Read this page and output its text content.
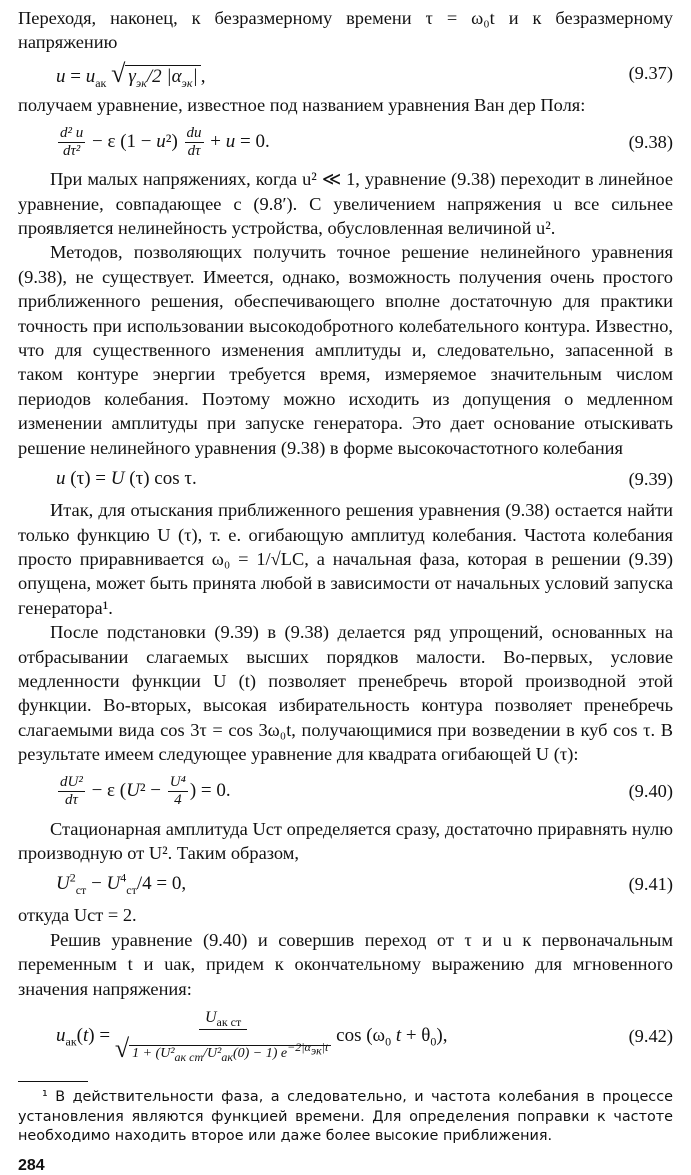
Переходя, наконец, к безразмерному времени τ = ω₀t и к безразмерному напряжению

$u = u_{ак}$ √ $\gamma_{эк}/2$ $|\alpha_{эк}|$ ,	(9.37)

получаем уравнение, известное под названием уравнения Ван дер Поля:

$\frac{\text{d² u}}{\text{dτ²}} - \varepsilon$ $(1 - u^2) \frac{du}{d\tau} + u = 0$.	(9.38)

При малых напряжениях, когда u² ≪ 1, уравнение (9.38) переходит в линейное уравнение, совпадающее с (9.8′). С увеличением напряжения u все сильнее проявляется нелинейность устройства, обусловленная величиной u².

Методов, позволяющих получить точное решение нелинейного уравнения (9.38), не существует. Имеется, однако, возможность получения очень простого приближенного решения, обеспечивающего вполне достаточную для практики точность при использовании высокодобротного колебательного контура. Известно, что для существенного изменения амплитуды и, следовательно, запасенной в таком контуре энергии требуется время, измеряемое значительным числом периодов колебания. Поэтому можно исходить из допущения о медленном изменении амплитуды при запуске генератора. Это дает основание отыскивать решение нелинейного уравнения (9.38) в форме высокочастотного колебания

u (τ) = U (τ) cos τ.	(9.39)

Итак, для отыскания приближенного решения уравнения (9.38) остается найти только функцию U (τ), т. е. огибающую амплитуд колебания. Частота колебания просто приравнивается ω₀ = 1/√LC, а начальная фаза, которая в решении (9.39) опущена, может быть принята любой в зависимости от начальных условий запуска генератора¹.

После подстановки (9.39) в (9.38) делается ряд упрощений, основанных на отбрасывании слагаемых высших порядков малости. Во-первых, условие медленности функции U (t) позволяет пренебречь второй производной этой функции. Во-вторых, высокая избирательность контура позволяет пренебречь слагаемыми вида cos 3τ = cos 3ω₀t, получающимися при возведении в куб cos τ. В результате имеем следующее уравнение для квадрата огибающей U (τ):

$\frac{\text{dU²}}{d\tau} - \varepsilon$ ($U^2 - \frac{\text{U⁴}}{4}$ ) = 0.	(9.40)

Стационарная амплитуда Uст определяется сразу, достаточно приравнять нулю производную от U². Таким образом,

$U^2_{ст} - U^4_{ст}/4 = 0$,	(9.41)

откуда Uст = 2.

Решив уравнение (9.40) и совершив переход от τ и u к первоначальным переменным t и uак, придем к окончательному выражению для мгновенного значения напряжения:

$u_{ак}(t)$ =
$U_{ак ст}$
√ $1 + (U^2_{ак ст}/U^2_{ак}(0) - 1)$ $e^{-2|\alpha_{эк}|t}$
$\cos (\omega_0$ $t + \theta_0$),	(9.42)

¹ В действительности фаза, а следовательно, и частота колебания в процессе установления являются функцией времени. Для определения поправки к частоте необходимо находить второе или даже более высокие приближения.

284
